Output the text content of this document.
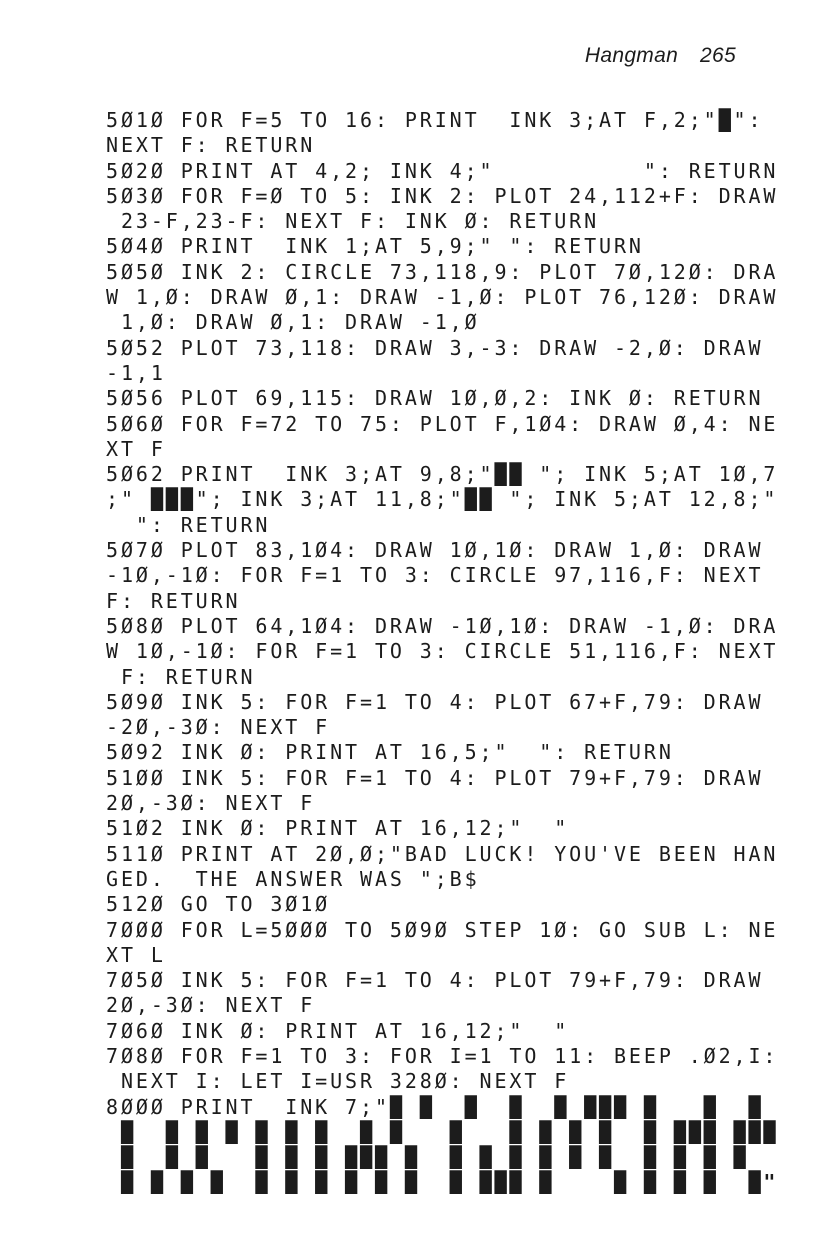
Hangman 265
5Ø1Ø FOR F=5 TO 16: PRINT  INK 3;AT F,2;"█":
NEXT F: RETURN
5Ø2Ø PRINT AT 4,2; INK 4;"          ": RETURN
5Ø3Ø FOR F=Ø TO 5: INK 2: PLOT 24,112+F: DRAW
23-F,23-F: NEXT F: INK Ø: RETURN
5Ø4Ø PRINT  INK 1;AT 5,9;" ": RETURN
5Ø5Ø INK 2: CIRCLE 73,118,9: PLOT 7Ø,12Ø: DRA
W 1,Ø: DRAW Ø,1: DRAW -1,Ø: PLOT 76,12Ø: DRAW
1,Ø: DRAW Ø,1: DRAW -1,Ø
5Ø52 PLOT 73,118: DRAW 3,-3: DRAW -2,Ø: DRAW
-1,1
5Ø56 PLOT 69,115: DRAW 1Ø,Ø,2: INK Ø: RETURN
5Ø6Ø FOR F=72 TO 75: PLOT F,1Ø4: DRAW Ø,4: NE
XT F
5Ø62 PRINT  INK 3;AT 9,8;"██ "; INK 5;AT 1Ø,7
;" ███"; INK 3;AT 11,8;"██ "; INK 5;AT 12,8;"
": RETURN
5Ø7Ø PLOT 83,1Ø4: DRAW 1Ø,1Ø: DRAW 1,Ø: DRAW
-1Ø,-1Ø: FOR F=1 TO 3: CIRCLE 97,116,F: NEXT
F: RETURN
5Ø8Ø PLOT 64,1Ø4: DRAW -1Ø,1Ø: DRAW -1,Ø: DRA
W 1Ø,-1Ø: FOR F=1 TO 3: CIRCLE 51,116,F: NEXT
F: RETURN
5Ø9Ø INK 5: FOR F=1 TO 4: PLOT 67+F,79: DRAW
-2Ø,-3Ø: NEXT F
5Ø92 INK Ø: PRINT AT 16,5;"  ": RETURN
51ØØ INK 5: FOR F=1 TO 4: PLOT 79+F,79: DRAW
2Ø,-3Ø: NEXT F
51Ø2 INK Ø: PRINT AT 16,12;"  "
511Ø PRINT AT 2Ø,Ø;"BAD LUCK! YOU'VE BEEN HAN
GED.  THE ANSWER WAS ";B$
512Ø GO TO 3Ø1Ø
7ØØØ FOR L=5ØØØ TO 5Ø9Ø STEP 1Ø: GO SUB L: NE
XT L
7Ø5Ø INK 5: FOR F=1 TO 4: PLOT 79+F,79: DRAW
2Ø,-3Ø: NEXT F
7Ø6Ø INK Ø: PRINT AT 16,12;"  "
7Ø8Ø FOR F=1 TO 3: FOR I=1 TO 11: BEEP .Ø2,I:
NEXT I: LET I=USR 328Ø: NEXT F
8ØØØ PRINT  INK 7;"█ █  █  █  █ ███ █   █  █
█  █ █ █ █ █ █  █ █   █   █ █ █ █  █ ███ ███
█  █ █   █ █ █ ███ █  █ █ █ █ █ █  █ █ █ █
█ █ █ █  █ █ █ █ █ █  █ ███ █    █ █ █ █  █"
